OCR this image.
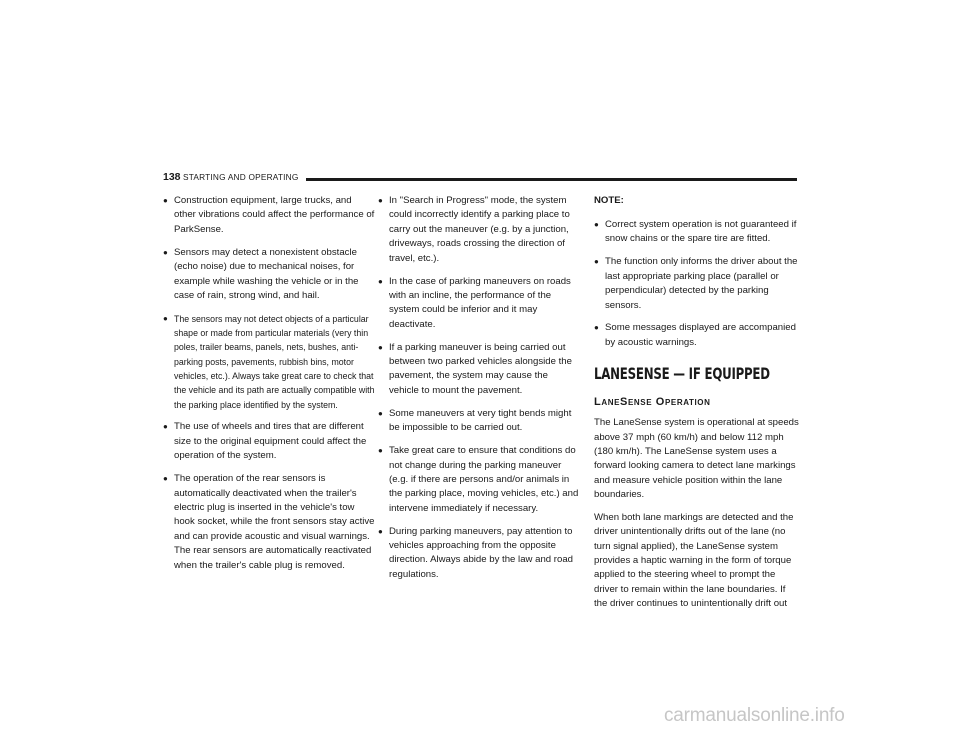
138 STARTING AND OPERATING
● Construction equipment, large trucks, and other vibrations could affect the performance of ParkSense.
● Sensors may detect a nonexistent obstacle (echo noise) due to mechanical noises, for example while washing the vehicle or in the case of rain, strong wind, and hail.
● The sensors may not detect objects of a particular shape or made from particular materials (very thin poles, trailer beams, panels, nets, bushes, anti-parking posts, pavements, rubbish bins, motor vehicles, etc.). Always take great care to check that the vehicle and its path are actually compatible with the parking place identified by the system.
● The use of wheels and tires that are different size to the original equipment could affect the operation of the system.
● The operation of the rear sensors is automatically deactivated when the trailer's electric plug is inserted in the vehicle's tow hook socket, while the front sensors stay active and can provide acoustic and visual warnings. The rear sensors are automatically reactivated when the trailer's cable plug is removed.
● In "Search in Progress" mode, the system could incorrectly identify a parking place to carry out the maneuver (e.g. by a junction, driveways, roads crossing the direction of travel, etc.).
● In the case of parking maneuvers on roads with an incline, the performance of the system could be inferior and it may deactivate.
● If a parking maneuver is being carried out between two parked vehicles alongside the pavement, the system may cause the vehicle to mount the pavement.
● Some maneuvers at very tight bends might be impossible to be carried out.
● Take great care to ensure that conditions do not change during the parking maneuver (e.g. if there are persons and/or animals in the parking place, moving vehicles, etc.) and intervene immediately if necessary.
● During parking maneuvers, pay attention to vehicles approaching from the opposite direction. Always abide by the law and road regulations.

NOTE:

● Correct system operation is not guaranteed if snow chains or the spare tire are fitted.
● The function only informs the driver about the last appropriate parking place (parallel or perpendicular) detected by the parking sensors.
● Some messages displayed are accompanied by acoustic warnings.
LANESENSE — IF EQUIPPED
LaneSense Operation

The LaneSense system is operational at speeds above 37 mph (60 km/h) and below 112 mph (180 km/h). The LaneSense system uses a forward looking camera to detect lane markings and measure vehicle position within the lane boundaries.

When both lane markings are detected and the driver unintentionally drifts out of the lane (no turn signal applied), the LaneSense system provides a haptic warning in the form of torque applied to the steering wheel to prompt the driver to remain within the lane boundaries. If the driver continues to unintentionally drift out

carmanualsonline.info
